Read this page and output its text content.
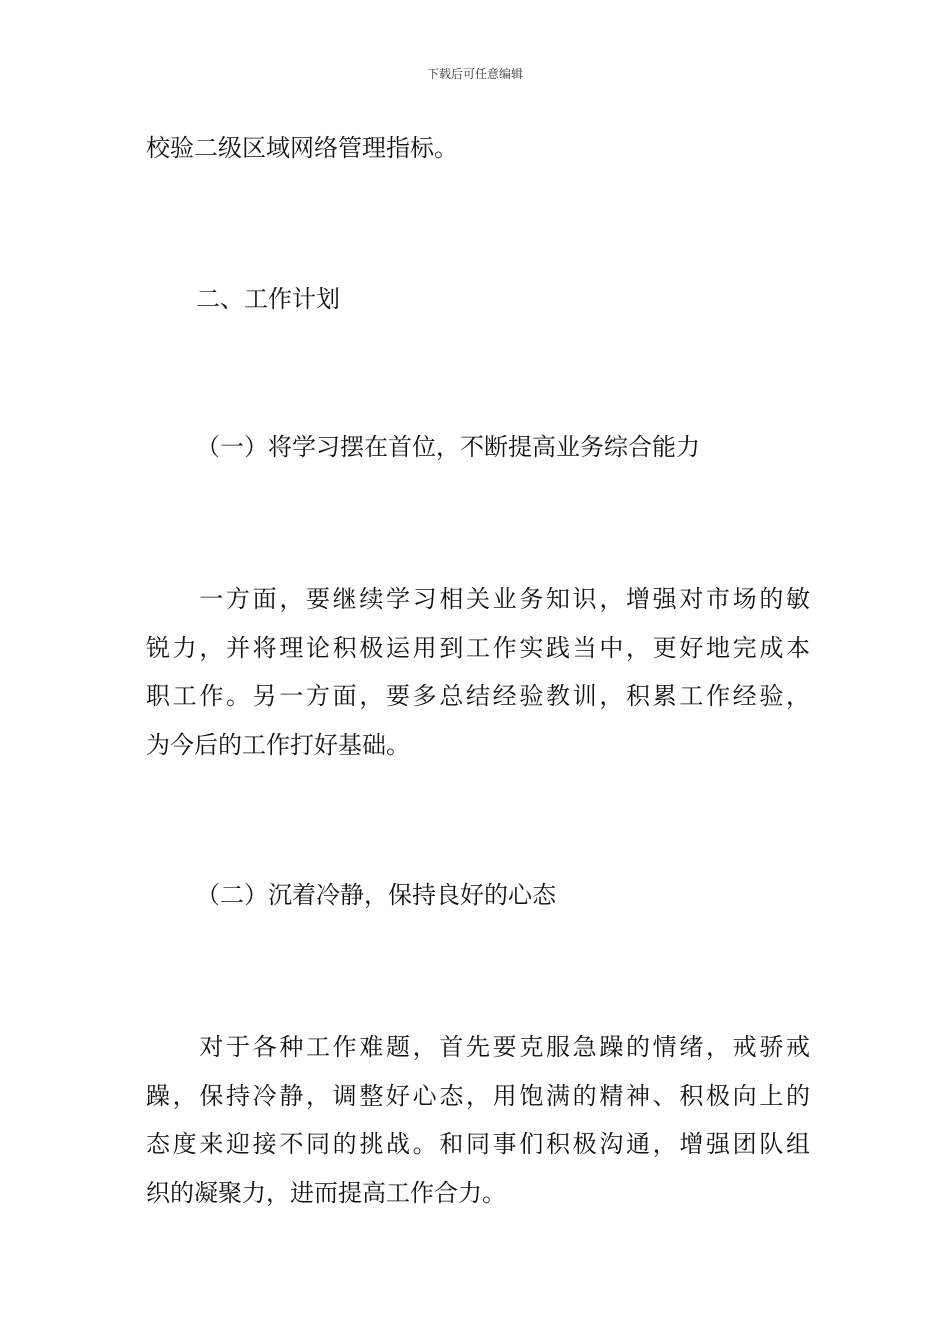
下载后可任意编辑
校验二级区域网络管理指标。
二、工作计划
（一）将学习摆在首位，不断提高业务综合能力
　　一方面，要继续学习相关业务知识，增强对市场的敏
锐力，并将理论积极运用到工作实践当中，更好地完成本
职工作。另一方面，要多总结经验教训，积累工作经验，
为今后的工作打好基础。
（二）沉着冷静，保持良好的心态
　　对于各种工作难题，首先要克服急躁的情绪，戒骄戒
躁，保持冷静，调整好心态，用饱满的精神、积极向上的
态度来迎接不同的挑战。和同事们积极沟通，增强团队组
织的凝聚力，进而提高工作合力。
